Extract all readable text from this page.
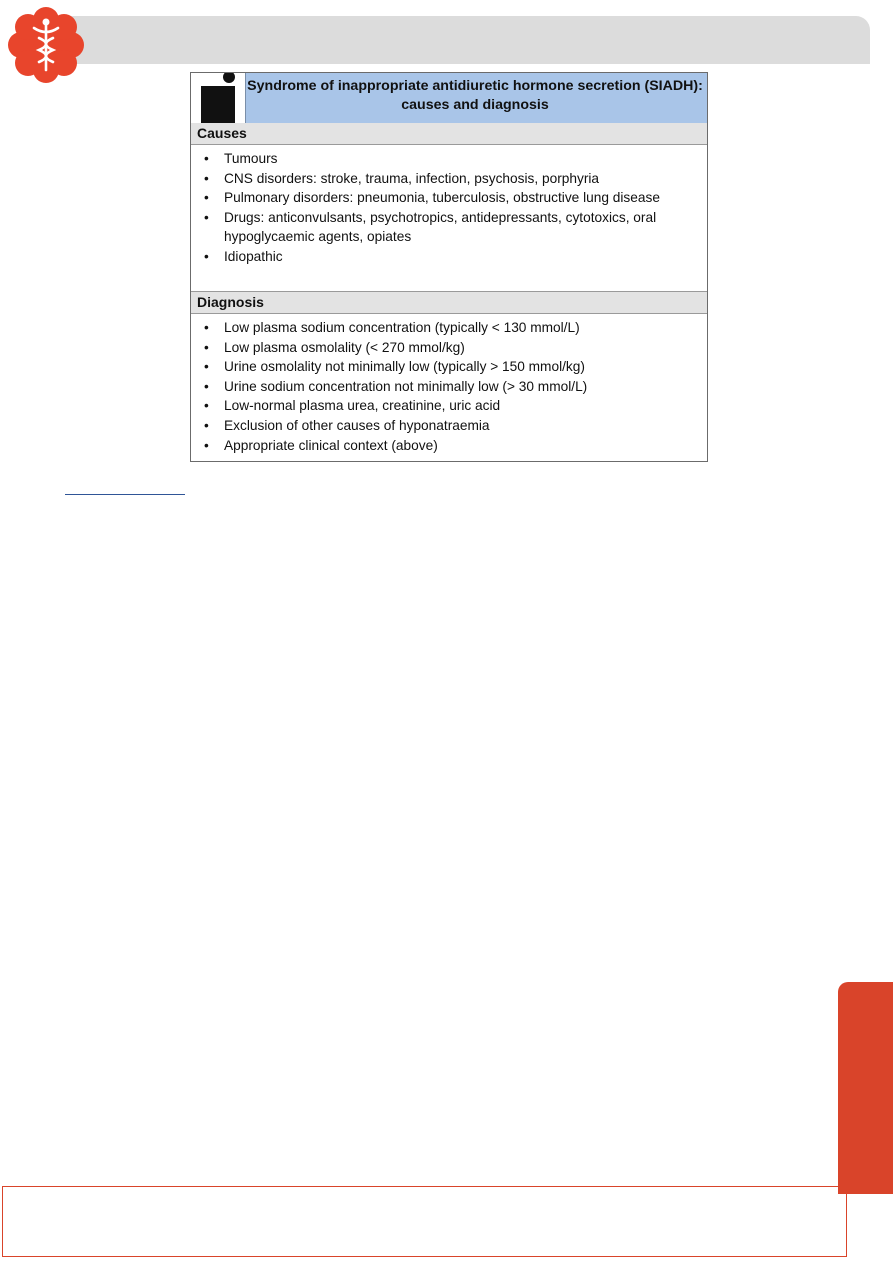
Syndrome of inappropriate antidiuretic hormone secretion (SIADH): causes and diagnosis
Causes
• Tumours
• CNS disorders: stroke, trauma, infection, psychosis, porphyria
• Pulmonary disorders: pneumonia, tuberculosis, obstructive lung disease
• Drugs: anticonvulsants, psychotropics, antidepressants, cytotoxics, oral hypoglycaemic agents, opiates
• Idiopathic
Diagnosis
• Low plasma sodium concentration (typically < 130 mmol/L)
• Low plasma osmolality (< 270 mmol/kg)
• Urine osmolality not minimally low (typically > 150 mmol/kg)
• Urine sodium concentration not minimally low (> 30 mmol/L)
• Low-normal plasma urea, creatinine, uric acid
• Exclusion of other causes of hyponatraemia
• Appropriate clinical context (above)
